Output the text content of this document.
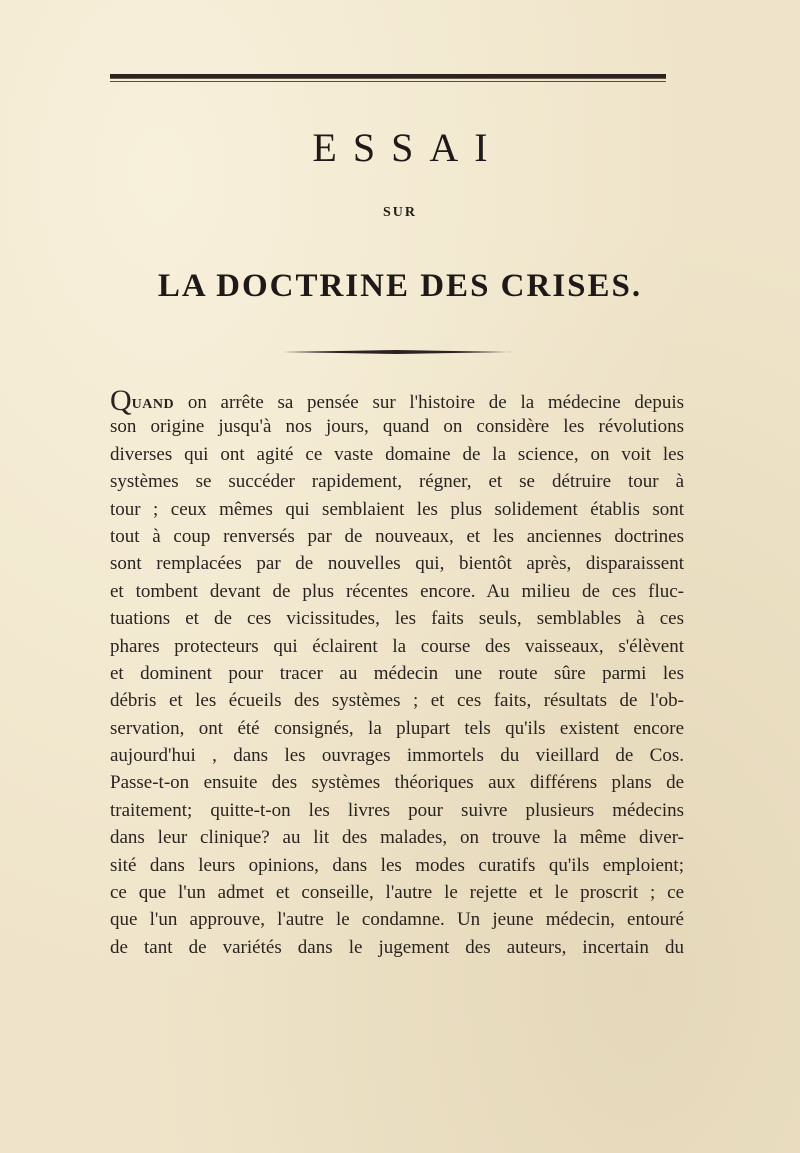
ESSAI
SUR
LA DOCTRINE DES CRISES.
QUAND on arrête sa pensée sur l'histoire de la médecine depuis
son origine jusqu'à nos jours, quand on considère les révolutions
diverses qui ont agité ce vaste domaine de la science, on voit les
systèmes se succéder rapidement, régner, et se détruire tour à
tour ; ceux mêmes qui semblaient les plus solidement établis sont
tout à coup renversés par de nouveaux, et les anciennes doctrines
sont remplacées par de nouvelles qui, bientôt après, disparaissent
et tombent devant de plus récentes encore. Au milieu de ces fluc-
tuations et de ces vicissitudes, les faits seuls, semblables à ces
phares protecteurs qui éclairent la course des vaisseaux, s'élèvent
et dominent pour tracer au médecin une route sûre parmi les
débris et les écueils des systèmes ; et ces faits, résultats de l'ob-
servation, ont été consignés, la plupart tels qu'ils existent encore
aujourd'hui , dans les ouvrages immortels du vieillard de Cos.
Passe-t-on ensuite des systèmes théoriques aux différens plans de
traitement; quitte-t-on les livres pour suivre plusieurs médecins
dans leur clinique? au lit des malades, on trouve la même diver-
sité dans leurs opinions, dans les modes curatifs qu'ils emploient;
ce que l'un admet et conseille, l'autre le rejette et le proscrit ; ce
que l'un approuve, l'autre le condamne. Un jeune médecin, entouré
de tant de variétés dans le jugement des auteurs, incertain du
